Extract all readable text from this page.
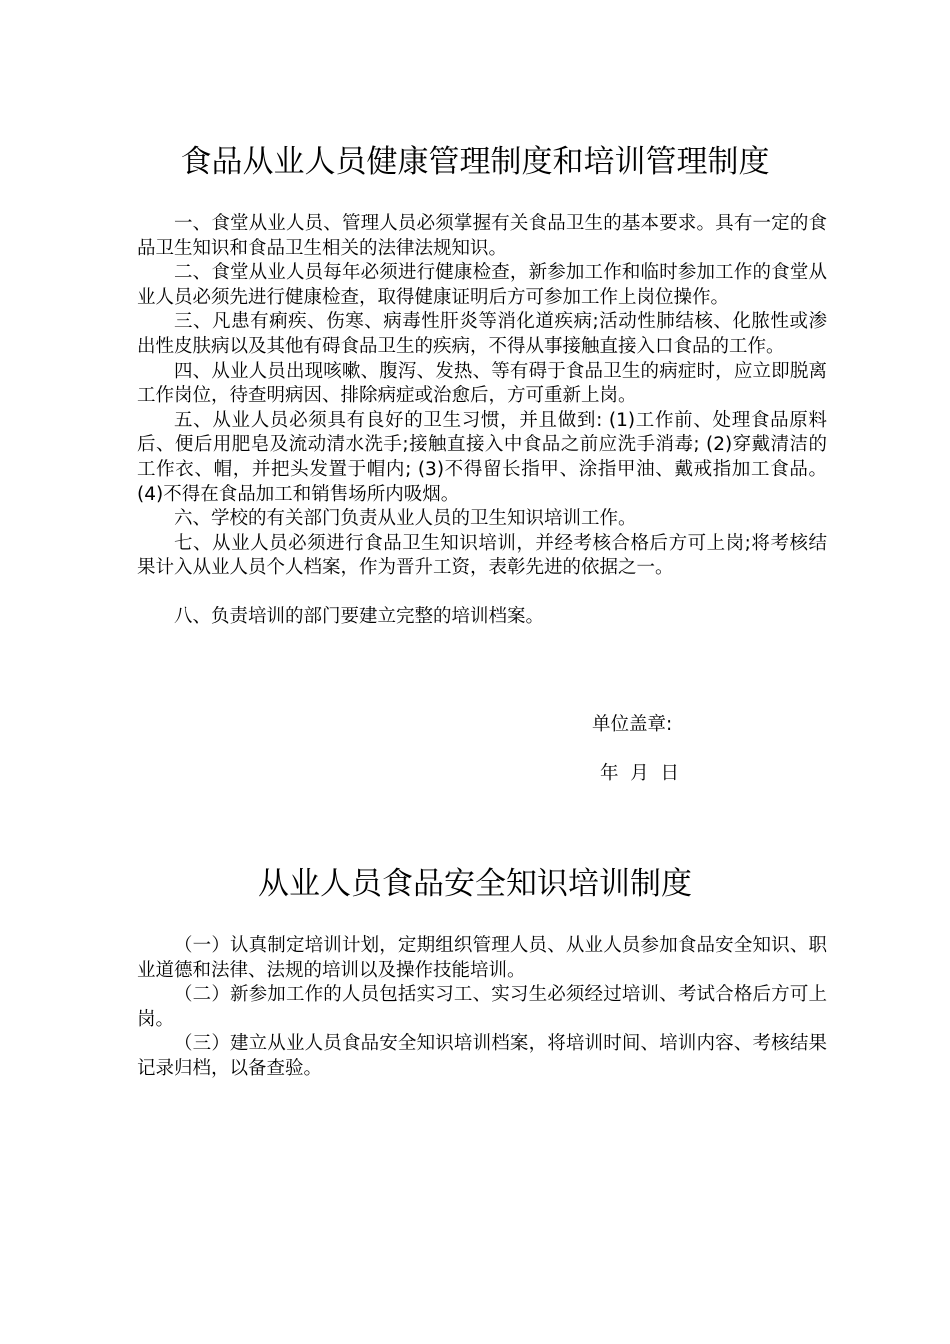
食品从业人员健康管理制度和培训管理制度

一、食堂从业人员、管理人员必须掌握有关食品卫生的基本要求。具有一定的食品卫生知识和食品卫生相关的法律法规知识。

二、食堂从业人员每年必须进行健康检查，新参加工作和临时参加工作的食堂从业人员必须先进行健康检查，取得健康证明后方可参加工作上岗位操作。

三、凡患有痢疾、伤寒、病毒性肝炎等消化道疾病;活动性肺结核、化脓性或渗出性皮肤病以及其他有碍食品卫生的疾病，不得从事接触直接入口食品的工作。

四、从业人员出现咳嗽、腹泻、发热、等有碍于食品卫生的病症时，应立即脱离工作岗位，待查明病因、排除病症或治愈后，方可重新上岗。

五、从业人员必须具有良好的卫生习惯，并且做到: (1)工作前、处理食品原料后、便后用肥皂及流动清水洗手;接触直接入中食品之前应洗手消毒; (2)穿戴清洁的工作衣、帽，并把头发置于帽内; (3)不得留长指甲、涂指甲油、戴戒指加工食品。 (4)不得在食品加工和销售场所内吸烟。

六、学校的有关部门负责从业人员的卫生知识培训工作。

七、从业人员必须进行食品卫生知识培训，并经考核合格后方可上岗;将考核结果计入从业人员个人档案，作为晋升工资，表彰先进的依据之一。

八、负责培训的部门要建立完整的培训档案。

单位盖章:
年  月  日
从业人员食品安全知识培训制度

（一）认真制定培训计划，定期组织管理人员、从业人员参加食品安全知识、职业道德和法律、法规的培训以及操作技能培训。

（二）新参加工作的人员包括实习工、实习生必须经过培训、考试合格后方可上岗。

（三）建立从业人员食品安全知识培训档案，将培训时间、培训内容、考核结果记录归档，以备查验。
